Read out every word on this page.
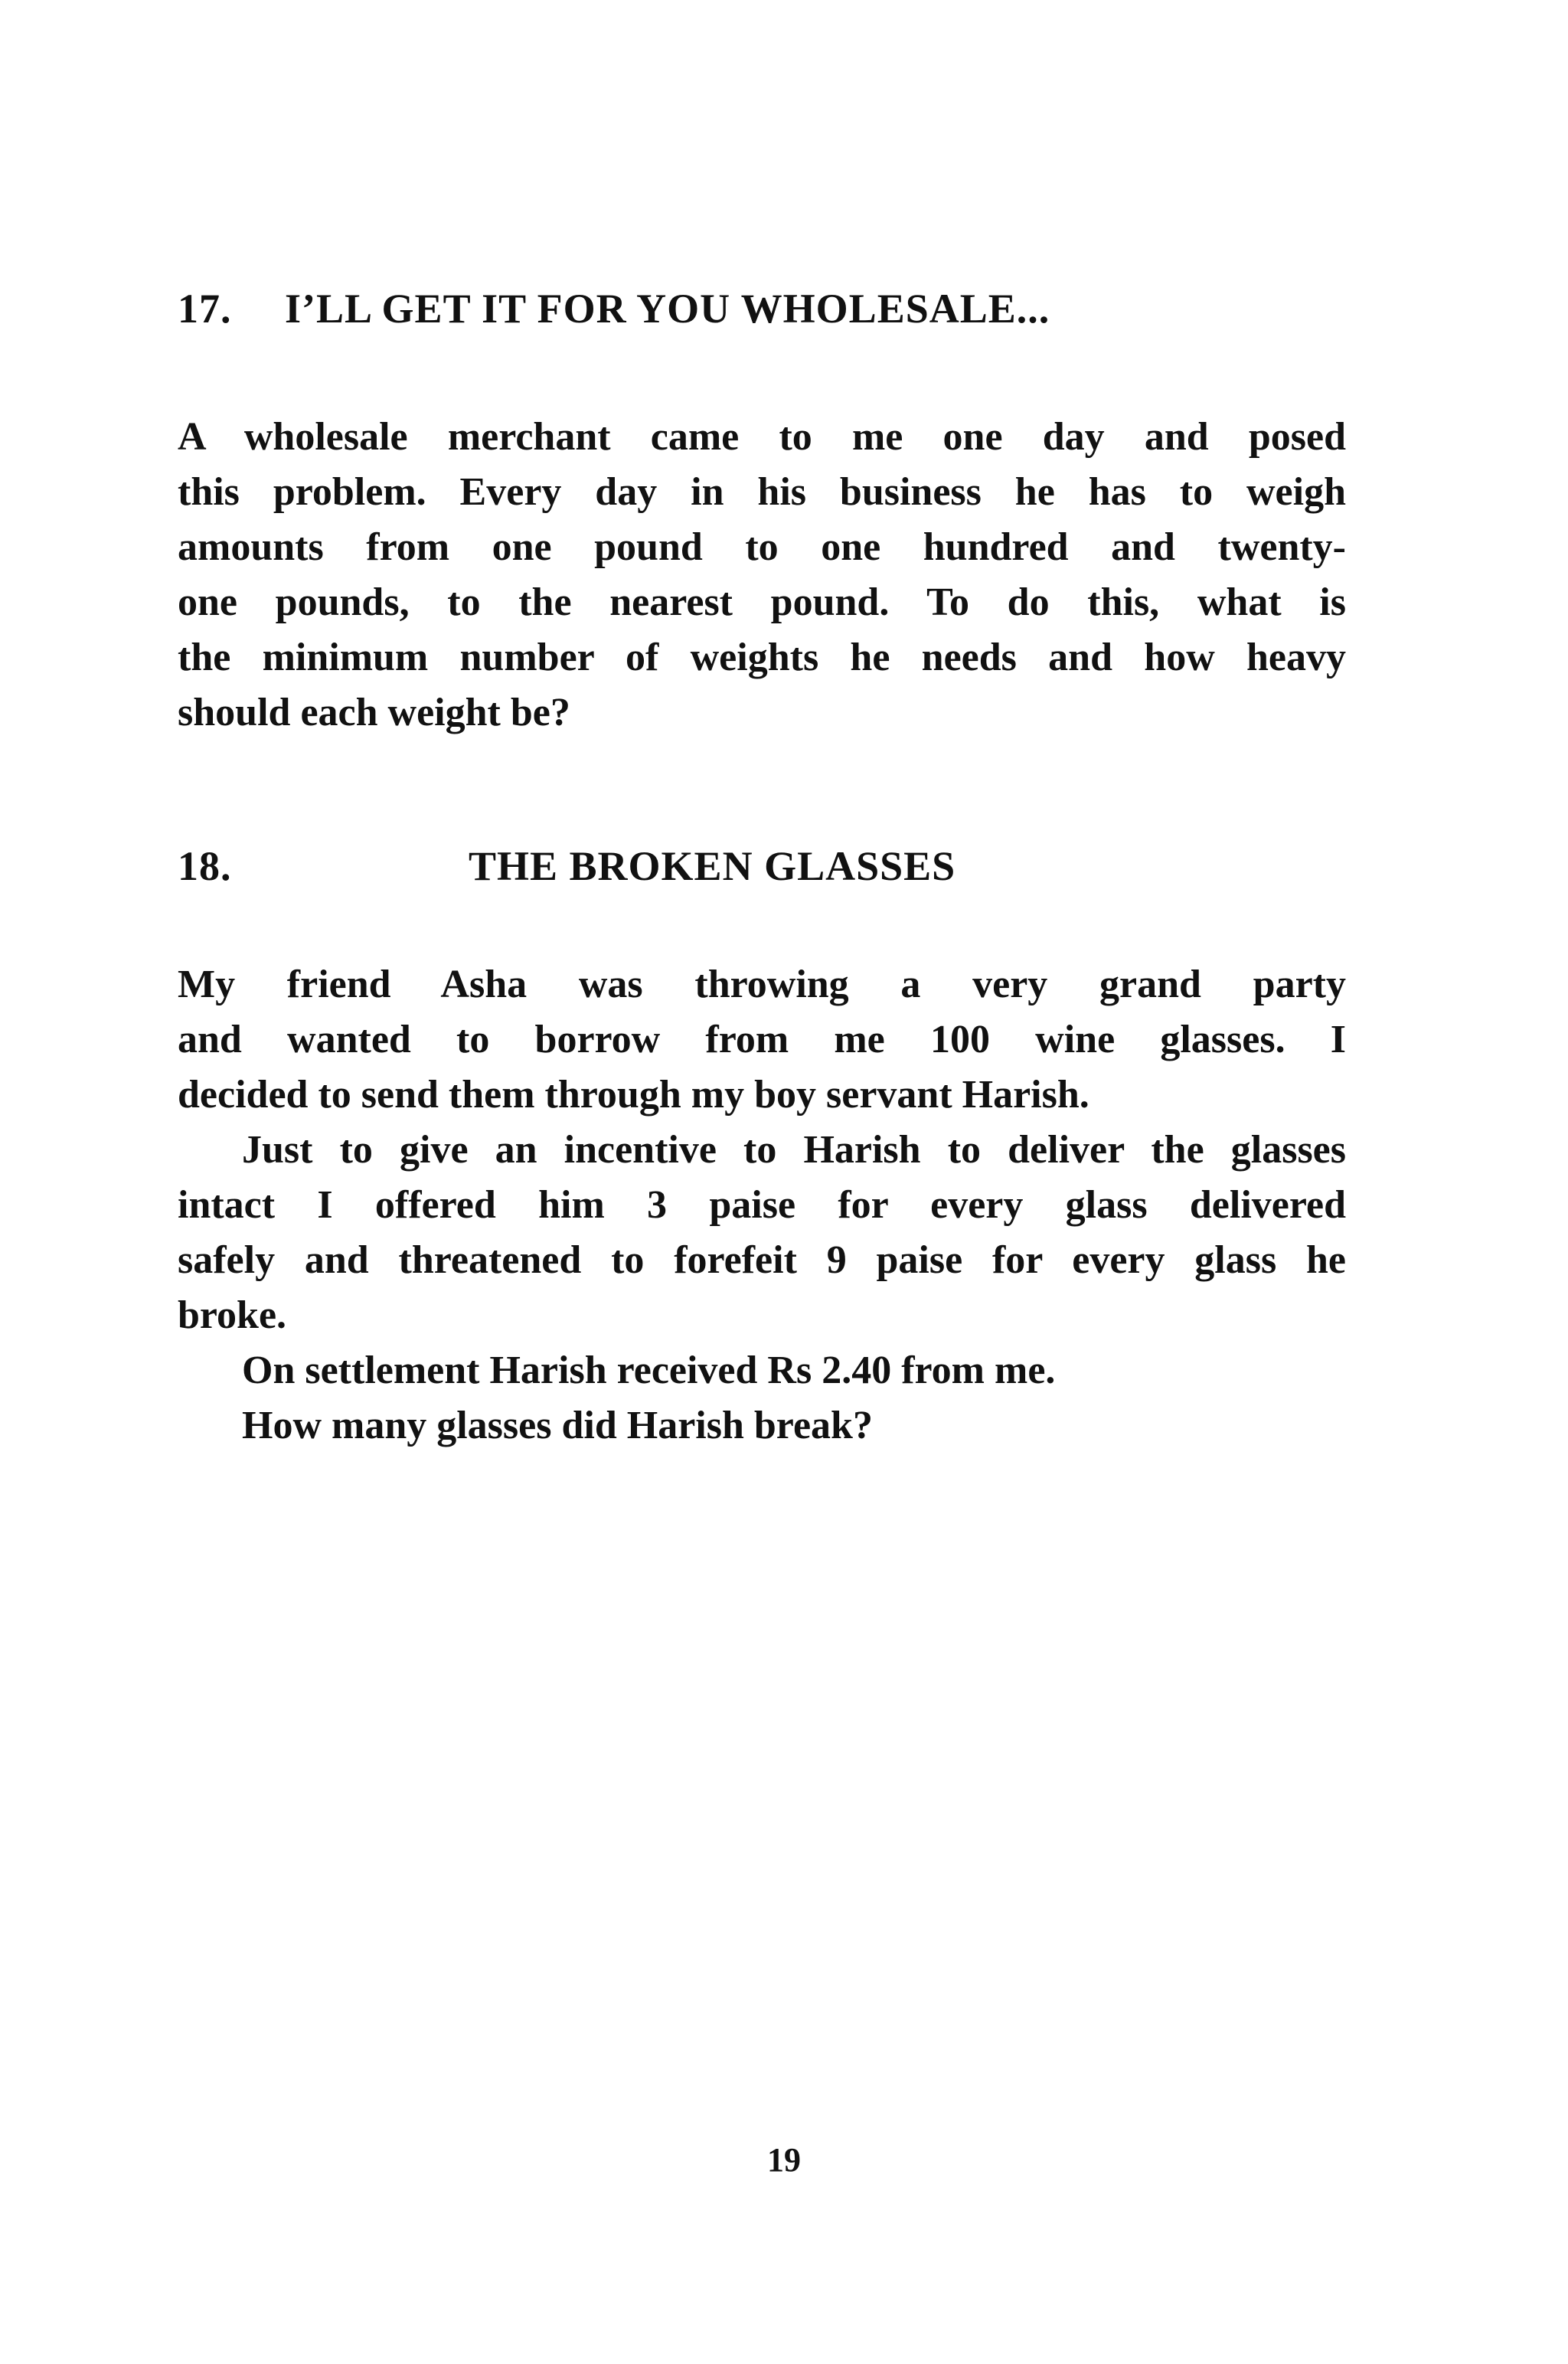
17. I’LL GET IT FOR YOU WHOLESALE...
A wholesale merchant came to me one day and posed
this problem. Every day in his business he has to weigh
amounts from one pound to one hundred and twenty-
one pounds, to the nearest pound. To do this, what is
the minimum number of weights he needs and how heavy
should each weight be?
18.	THE BROKEN GLASSES
My friend Asha was throwing a very grand party
and wanted to borrow from me 100 wine glasses. I
decided to send them through my boy servant Harish.
Just to give an incentive to Harish to deliver the glasses
intact I offered him 3 paise for every glass delivered
safely and threatened to forefeit 9 paise for every glass he
broke.
On settlement Harish received Rs 2.40 from me.
How many glasses did Harish break?
19
